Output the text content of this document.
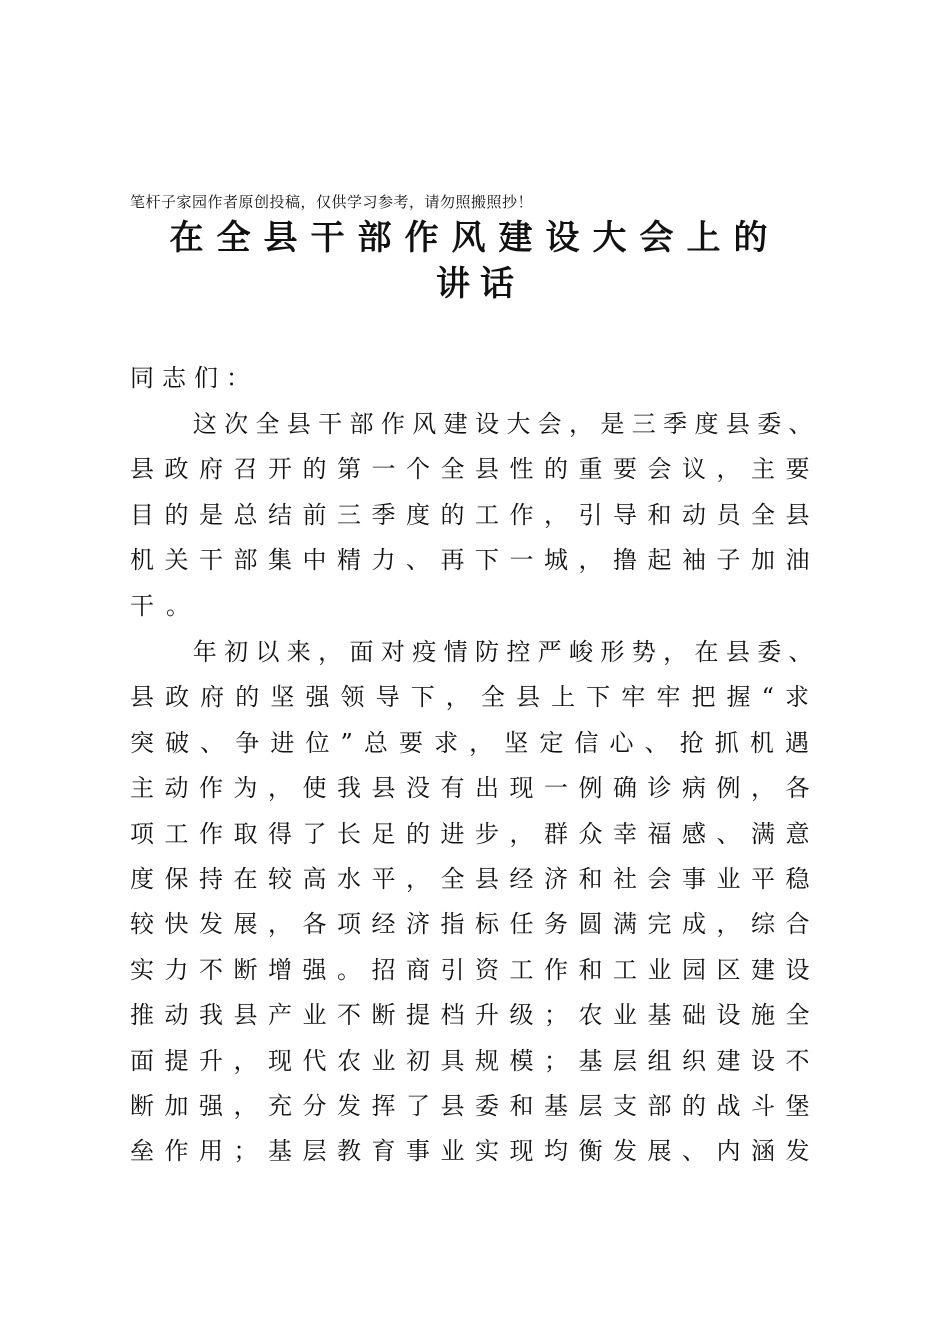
笔杆子家园作者原创投稿，仅供学习参考，请勿照搬照抄！
在全县干部作风建设大会上的
讲话
同志们：
　　这次全县干部作风建设大会，是三季度县委、
县政府召开的第一个全县性的重要会议，主要
目的是总结前三季度的工作，引导和动员全县
机关干部集中精力、再下一城，撸起袖子加油
干。
　　年初以来，面对疫情防控严峻形势，在县委、
县政府的坚强领导下，全县上下牢牢把握“求
突破、争进位”总要求，坚定信心、抢抓机遇
主动作为，使我县没有出现一例确诊病例，各
项工作取得了长足的进步，群众幸福感、满意
度保持在较高水平，全县经济和社会事业平稳
较快发展，各项经济指标任务圆满完成，综合
实力不断增强。招商引资工作和工业园区建设
推动我县产业不断提档升级；农业基础设施全
面提升，现代农业初具规模；基层组织建设不
断加强，充分发挥了县委和基层支部的战斗堡
垒作用；基层教育事业实现均衡发展、内涵发
